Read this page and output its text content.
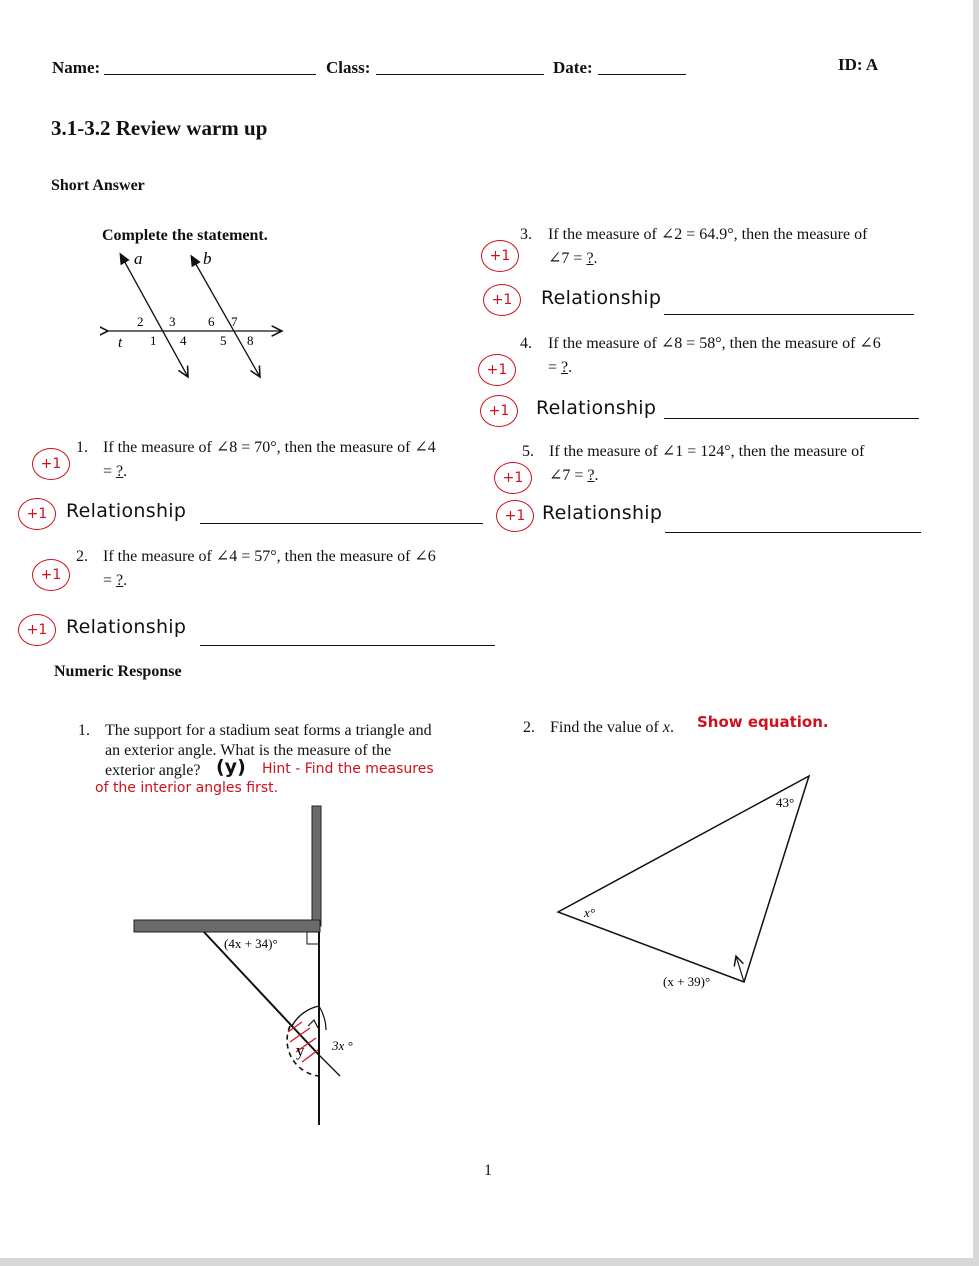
Name:	Class:	Date:	ID: A
3.1-3.2 Review warm up
Short Answer
Complete the statement.
a	b
t 1
2 3
4	5
6 7
8
+1
1. If the measure of ∠8 = 70°, then the measure of ∠4
= ?.
+1 Relationship
+1
2. If the measure of ∠4 = 57°, then the measure of ∠6
= ?.
+1 Relationship
+1
3. If the measure of ∠2 = 64.9°, then the measure of
∠7 = ?.
+1	Relationship
+1
4. If the measure of ∠8 = 58°, then the measure of ∠6
= ?.
+1	Relationship
+1
5. If the measure of ∠1 = 124°, then the measure of
∠7 = ?.
+1 Relationship
Numeric Response
1. The support for a stadium seat forms a triangle and
an exterior angle. What is the measure of the
exterior angle? (y) Hint - Find the measures
of the interior angles first.
(4x + 34)°
3x °
y
2. Find the value of x. Show equation.
43°
x°
(x + 39)°
1
